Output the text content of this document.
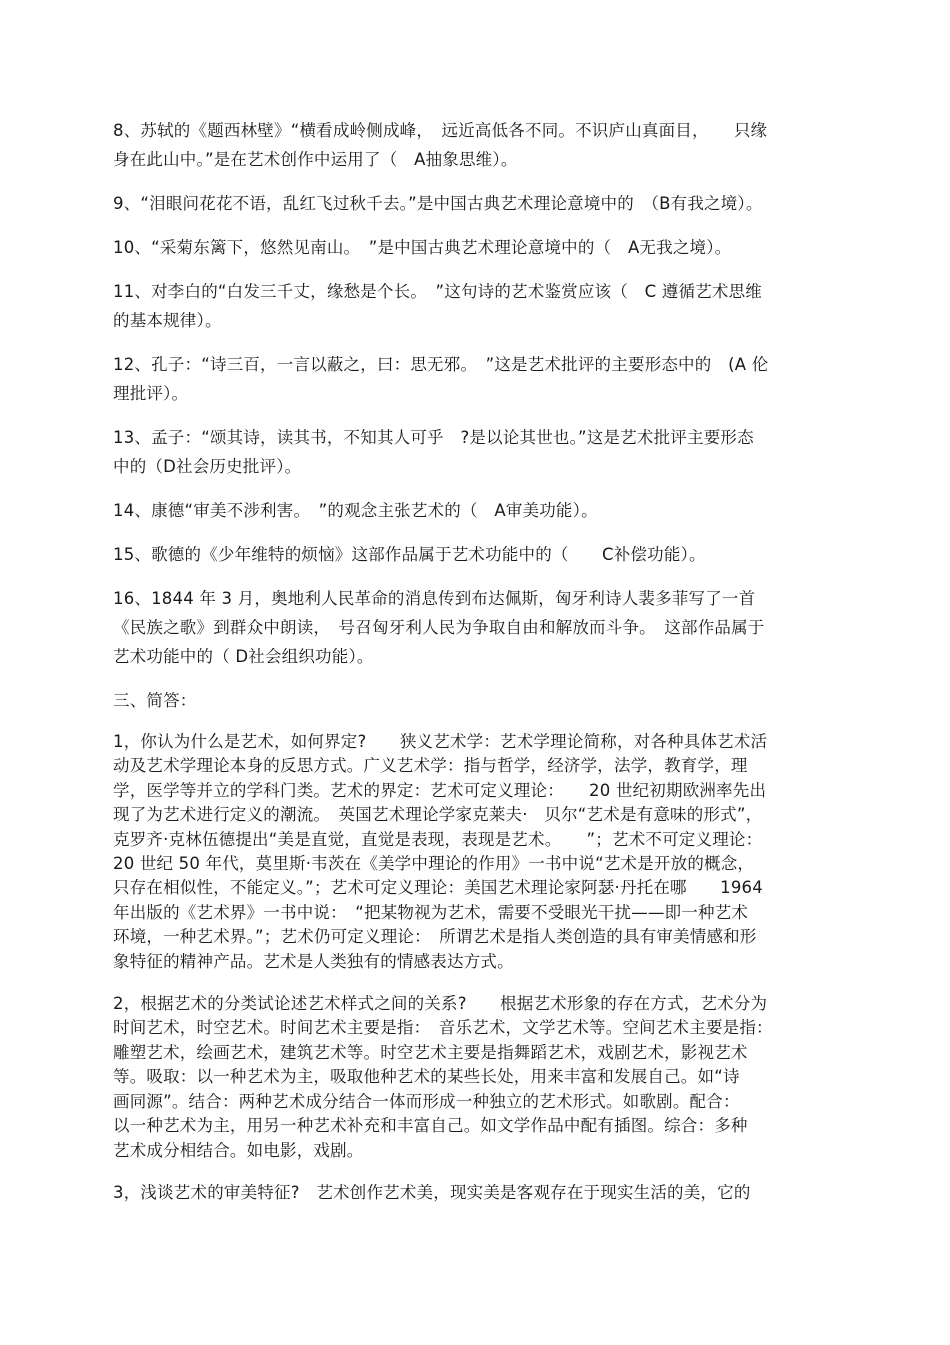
8、苏轼的《题西林壁》“横看成岭侧成峰，　远近高低各不同。不识庐山真面目，　　只缘
身在此山中。”是在艺术创作中运用了（　A抽象思维）。

9、“泪眼问花花不语，乱红飞过秋千去。”是中国古典艺术理论意境中的　（B有我之境）。

10、“采菊东篱下，悠然见南山。　”是中国古典艺术理论意境中的（　A无我之境）。

11、对李白的“白发三千丈，缘愁是个长。　”这句诗的艺术鉴赏应该（　C 遵循艺术思维
的基本规律）。

12、孔子：“诗三百，一言以蔽之，曰：思无邪。　”这是艺术批评的主要形态中的　(A 伦
理批评）。

13、孟子：“颂其诗，读其书，不知其人可乎　?是以论其世也。”这是艺术批评主要形态
中的（D社会历史批评）。

14、康德“审美不涉利害。　”的观念主张艺术的（　A审美功能）。

15、歌德的《少年维特的烦恼》这部作品属于艺术功能中的（　　C补偿功能）。

16、1844 年 3 月，奥地利人民革命的消息传到布达佩斯，匈牙利诗人裴多菲写了一首
《民族之歌》到群众中朗读，　号召匈牙利人民为争取自由和解放而斗争。　这部作品属于
艺术功能中的（ D社会组织功能）。

三、简答：

1，你认为什么是艺术，如何界定?　　狭义艺术学：艺术学理论简称，对各种具体艺术活
动及艺术学理论本身的反思方式。广义艺术学：指与哲学，经济学，法学，教育学，理
学，医学等并立的学科门类。艺术的界定：艺术可定义理论：　　20 世纪初期欧洲率先出
现了为艺术进行定义的潮流。　英国艺术理论学家克莱夫·　贝尔“艺术是有意味的形式”，
克罗齐·克林伍德提出“美是直觉，直觉是表现，表现是艺术。　　”；艺术不可定义理论：
20 世纪 50 年代，莫里斯·韦茨在《美学中理论的作用》一书中说“艺术是开放的概念，
只存在相似性，不能定义。”；艺术可定义理论：美国艺术理论家阿瑟·丹托在哪　　1964
年出版的《艺术界》一书中说：　“把某物视为艺术，需要不受眼光干扰——即一种艺术
环境，一种艺术界。”；艺术仍可定义理论：　所谓艺术是指人类创造的具有审美情感和形
象特征的精神产品。艺术是人类独有的情感表达方式。

2，根据艺术的分类试论述艺术样式之间的关系?　　根据艺术形象的存在方式，艺术分为
时间艺术，时空艺术。时间艺术主要是指：　音乐艺术，文学艺术等。空间艺术主要是指：
雕塑艺术，绘画艺术，建筑艺术等。时空艺术主要是指舞蹈艺术，戏剧艺术，影视艺术
等。吸取：以一种艺术为主，吸取他种艺术的某些长处，用来丰富和发展自己。如“诗
画同源”。结合：两种艺术成分结合一体而形成一种独立的艺术形式。如歌剧。配合：
以一种艺术为主，用另一种艺术补充和丰富自己。如文学作品中配有插图。综合：多种
艺术成分相结合。如电影，戏剧。

3，浅谈艺术的审美特征?　艺术创作艺术美，现实美是客观存在于现实生活的美，它的
